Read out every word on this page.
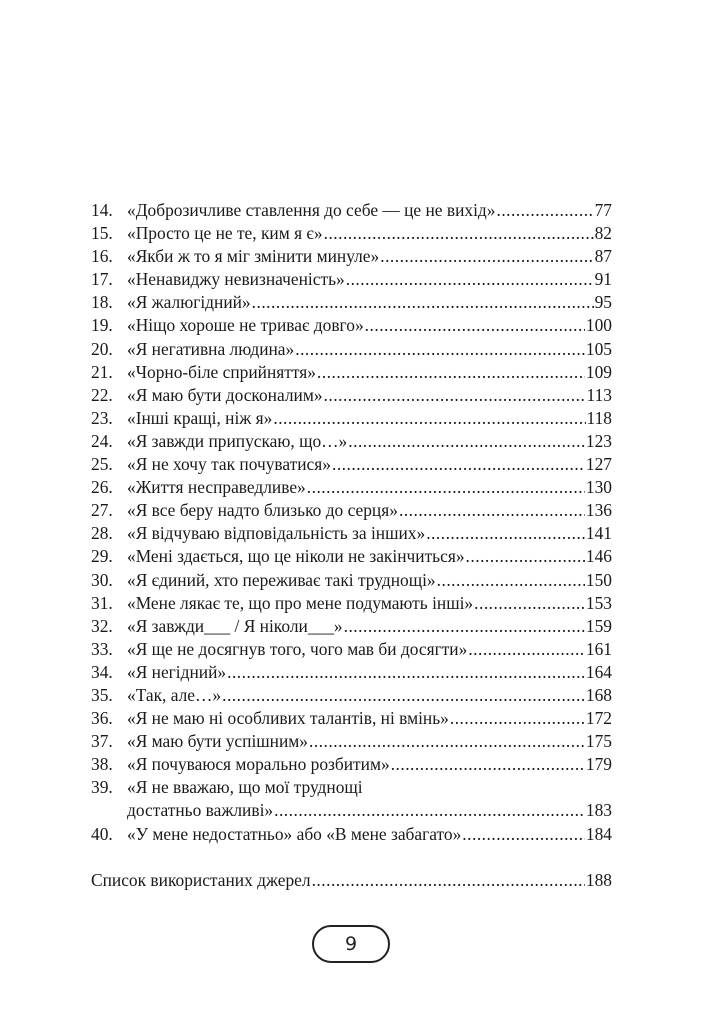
14. «Доброзичливе ставлення до себе — це не вихід» .....	77
15. «Просто це не те, ким я є» .....	82
16. «Якби ж то я міг змінити минуле» .....	87
17. «Ненавиджу невизначеність» .....	91
18. «Я жалюгідний» .....	95
19. «Ніщо хороше не триває довго» .....	100
20. «Я негативна людина» .....	105
21. «Чорно-біле сприйняття» .....	109
22. «Я маю бути досконалим» .....	113
23. «Інші кращі, ніж я» .....	118
24. «Я завжди припускаю, що…» .....	123
25. «Я не хочу так почуватися» .....	127
26. «Життя несправедливе» .....	130
27. «Я все беру надто близько до серця» .....	136
28. «Я відчуваю відповідальність за інших» .....	141
29. «Мені здається, що це ніколи не закінчиться» .....	146
30. «Я єдиний, хто переживає такі труднощі» .....	150
31. «Мене лякає те, що про мене подумають інші» .....	153
32. «Я завжди___ / Я ніколи___» .....	159
33. «Я ще не досягнув того, чого мав би досягти» .....	161
34. «Я негідний» .....	164
35. «Так, але…» .....	168
36. «Я не маю ні особливих талантів, ні вмінь» .....	172
37. «Я маю бути успішним» .....	175
38. «Я почуваюся морально розбитим» .....	179
39. «Я не вважаю, що мої труднощі
достатньо важливі» .....	183
40. «У мене недостатньо» або «В мене забагато» .....	184
Список використаних джерел .....	188
9
